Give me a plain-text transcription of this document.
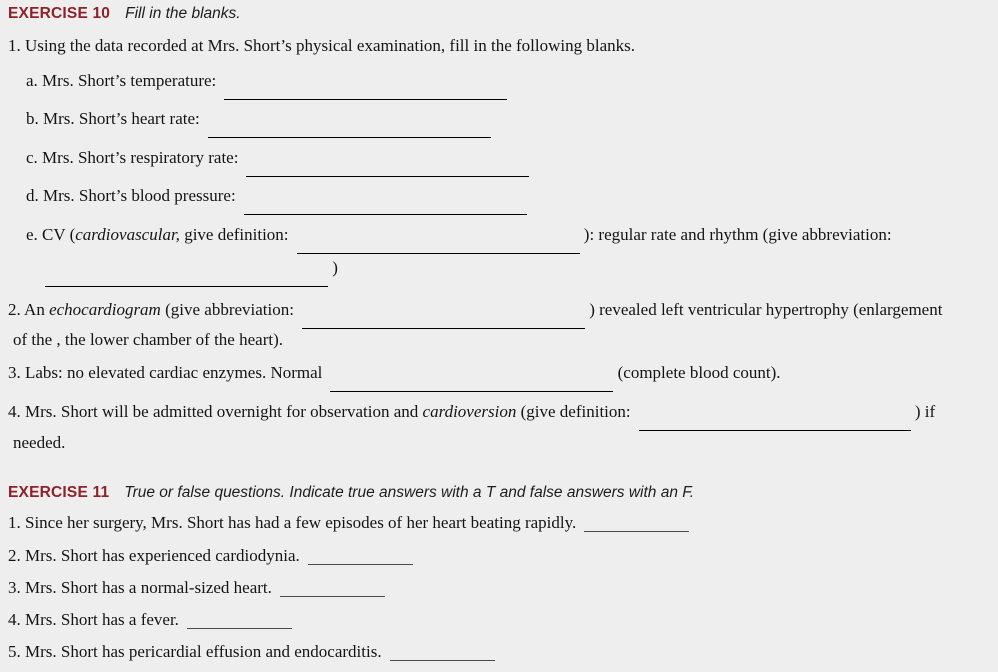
EXERCISE 10 Fill in the blanks.
1. Using the data recorded at Mrs. Short’s physical examination, fill in the following blanks.
a. Mrs. Short’s temperature:
b. Mrs. Short’s heart rate:
c. Mrs. Short’s respiratory rate:
d. Mrs. Short’s blood pressure:
e. CV (cardiovascular, give definition:	): regular rate and rhythm (give abbreviation:
)
2. An echocardiogram (give abbreviation:	) revealed left ventricular hypertrophy (enlargement
of the , the lower chamber of the heart).
3. Labs: no elevated cardiac enzymes. Normal	(complete blood count).
4. Mrs. Short will be admitted overnight for observation and cardioversion (give definition:	) if
needed.
EXERCISE 11 True or false questions. Indicate true answers with a T and false answers with an F.
1. Since her surgery, Mrs. Short has had a few episodes of her heart beating rapidly.
2. Mrs. Short has experienced cardiodynia.
3. Mrs. Short has a normal-sized heart.
4. Mrs. Short has a fever.
5. Mrs. Short has pericardial effusion and endocarditis.
